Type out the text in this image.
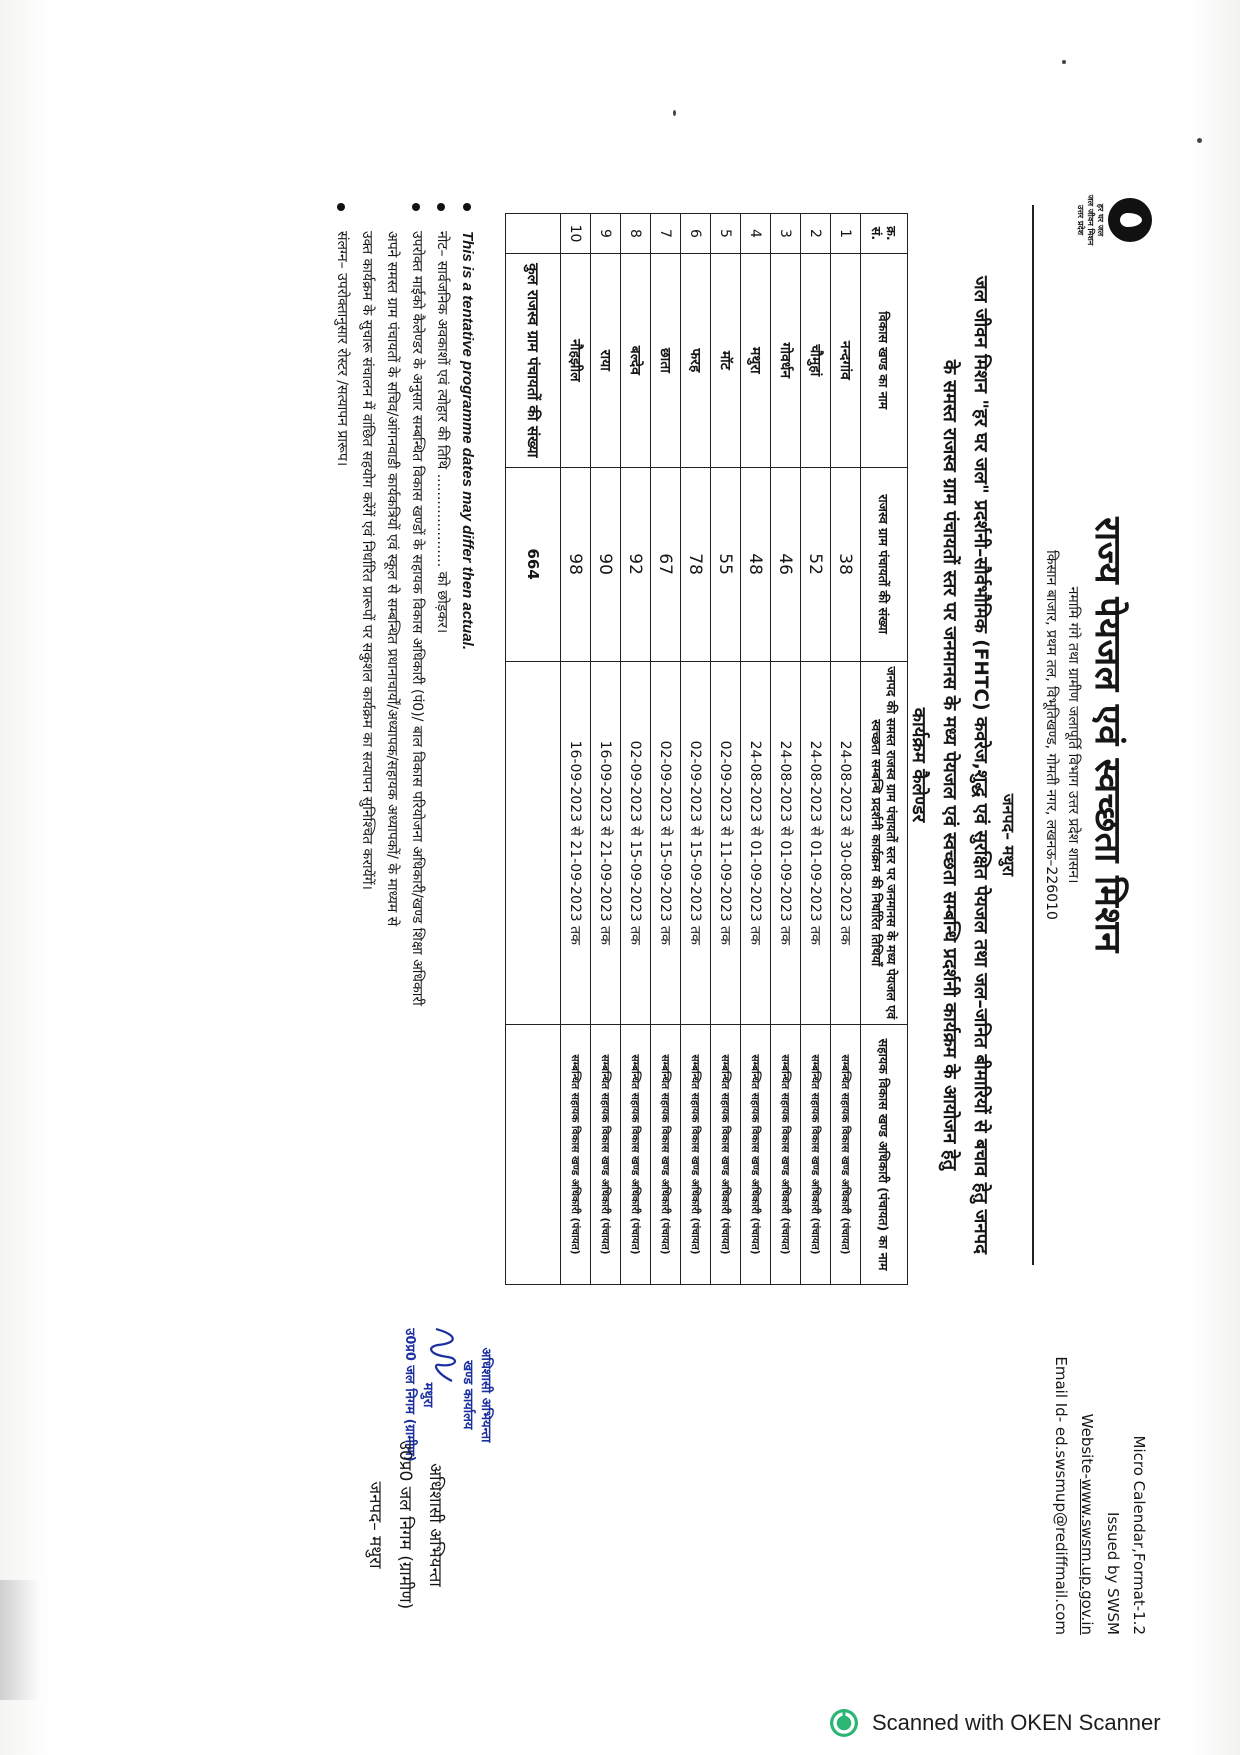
हर घर जल
जल जीवन मिशन
उत्तर प्रदेश
Micro Calendar,Format-1.2
Issued by SWSM
Website-www.swsm.up.gov.in
Email Id- ed.swsmup@rediffmail.com
राज्य पेयजल एवं स्वच्छता मिशन
नमामि गंगे तथा ग्रामीण जलापूर्ति विभाग उत्तर प्रदेश शासन।
किसान बाजार, प्रथम तल, विभूतिखण्ड, गोमती नगर, लखनऊ–226010
जनपद– मथुरा
जल जीवन मिशन "हर घर जल" प्रदर्शनी–सौर्वभौमिक (FHTC) कवरेज,शुद्ध एवं सुरक्षित पेयजल तथा जल–जनित बीमारियों से बचाव हेतु जनपद
के समस्त राजस्व ग्राम पंचायतों स्तर पर जनमानस के मध्य पेयजल एवं स्वच्छता सम्बन्धि प्रदर्शनी कार्यक्रम के आयोजन हेतु
कार्यक्रम कैलेण्डर
क्र. सं.	विकास खण्ड का नाम	राजस्व ग्राम पंचायतों की संख्या	जनपद की समस्त राजस्व ग्राम पंचायतों स्तर पर जनमानस के मध्य पेयजल एवं स्वच्छता सम्बन्धि प्रदर्शनी कार्यक्रम की निर्धारित तिथियाँ	सहायक विकास खण्ड अधिकारी (पंचायत) का नाम
1	नन्दगांव	38	24-08-2023 से 30-08-2023 तक	सम्बन्धित सहायक विकास खण्ड अधिकारी (पंचायत)
2	चौमुहां	52	24-08-2023 से 01-09-2023 तक	सम्बन्धित सहायक विकास खण्ड अधिकारी (पंचायत)
3	गोवर्धन	46	24-08-2023 से 01-09-2023 तक	सम्बन्धित सहायक विकास खण्ड अधिकारी (पंचायत)
4	मथुरा	48	24-08-2023 से 01-09-2023 तक	सम्बन्धित सहायक विकास खण्ड अधिकारी (पंचायत)
5	मॉट	55	02-09-2023 से 11-09-2023 तक	सम्बन्धित सहायक विकास खण्ड अधिकारी (पंचायत)
6	फरह	78	02-09-2023 से 15-09-2023 तक	सम्बन्धित सहायक विकास खण्ड अधिकारी (पंचायत)
7	छाता	67	02-09-2023 से 15-09-2023 तक	सम्बन्धित सहायक विकास खण्ड अधिकारी (पंचायत)
8	बल्देव	92	02-09-2023 से 15-09-2023 तक	सम्बन्धित सहायक विकास खण्ड अधिकारी (पंचायत)
9	राया	90	16-09-2023 से 21-09-2023 तक	सम्बन्धित सहायक विकास खण्ड अधिकारी (पंचायत)
10	नौहझील	98	16-09-2023 से 21-09-2023 तक	सम्बन्धित सहायक विकास खण्ड अधिकारी (पंचायत)
	कुल राजस्व ग्राम पंचायतों की संख्या	664		
This is a tentative programme dates may differ then actual.
नोट– सार्वजनिक अवकाशों एवं त्योहार की तिथि ..................... को छोड़कर।
उपरोक्त माईको कैलेण्डर के अनुसार सम्बन्धित विकास खण्डों के सहायक विकास अधिकारी (पं0)/ बाल विकास परियोजना अधिकारी/खण्ड शिक्षा अधिकारी
अपने समस्त ग्राम पंचायतों के सचिव/आंगनवाडी कार्यकत्रियों एवं स्कूल से सम्बन्धित प्रधानाचार्यों/अध्यापक/सहायक अध्यापकों/ के माध्यम से
उक्त कार्यक्रम के सुचारू संचालन में वांछित सहयोग करेंगें एवं निर्धारित प्रारूपों पर सकुशल कार्यक्रम का सत्यापन सुनिश्चित करायेंगें।
संलग्न– उपरोक्तानुसार रोस्टर /सत्यापन प्रारूप।
अधिशासी अभियन्ता
खण्ड कार्यालय
मथुरा
उ0प्र0 जल निगम (ग्रामीण)
अधिशासी अभियन्ता
उ0प्र0 जल निगम (ग्रामीण)
जनपद– मथुरा
Scanned with OKEN Scanner
